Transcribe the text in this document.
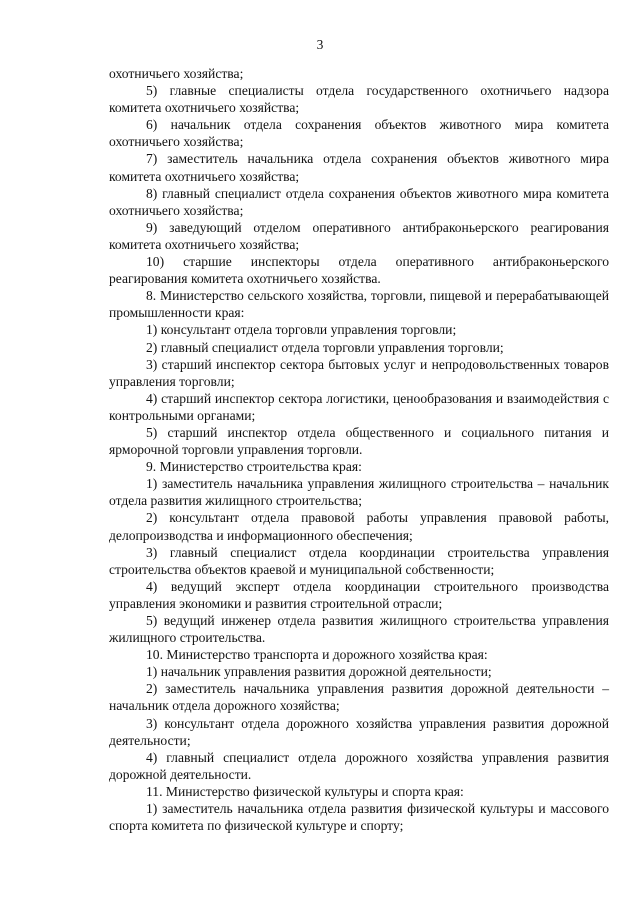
3

охотничьего хозяйства;

5) главные специалисты отдела государственного охотничьего надзора комитета охотничьего хозяйства;

6) начальник отдела сохранения объектов животного мира комитета охотничьего хозяйства;

7) заместитель начальника отдела сохранения объектов животного мира комитета охотничьего хозяйства;

8) главный специалист отдела сохранения объектов животного мира комитета охотничьего хозяйства;

9) заведующий отделом оперативного антибраконьерского реагирования комитета охотничьего хозяйства;

10) старшие инспекторы отдела оперативного антибраконьерского реагирования комитета охотничьего хозяйства.

8. Министерство сельского хозяйства, торговли, пищевой и перерабатывающей промышленности края:

1) консультант отдела торговли управления торговли;

2) главный специалист отдела торговли управления торговли;

3) старший инспектор сектора бытовых услуг и непродовольственных товаров управления торговли;

4) старший инспектор сектора логистики, ценообразования и взаимодействия с контрольными органами;

5) старший инспектор отдела общественного и социального питания и ярморочной торговли управления торговли.

9. Министерство строительства края:

1) заместитель начальника управления жилищного строительства – начальник отдела развития жилищного строительства;

2) консультант отдела правовой работы управления правовой работы, делопроизводства и информационного обеспечения;

3) главный специалист отдела координации строительства управления строительства объектов краевой и муниципальной собственности;

4) ведущий эксперт отдела координации строительного производства управления экономики и развития строительной отрасли;

5) ведущий инженер отдела развития жилищного строительства управления жилищного строительства.

10. Министерство транспорта и дорожного хозяйства края:

1) начальник управления развития дорожной деятельности;

2) заместитель начальника управления развития дорожной деятельности – начальник отдела дорожного хозяйства;

3) консультант отдела дорожного хозяйства управления развития дорожной деятельности;

4) главный специалист отдела дорожного хозяйства управления развития дорожной деятельности.

11. Министерство физической культуры и спорта края:

1) заместитель начальника отдела развития физической культуры и массового спорта комитета по физической культуре и спорту;
